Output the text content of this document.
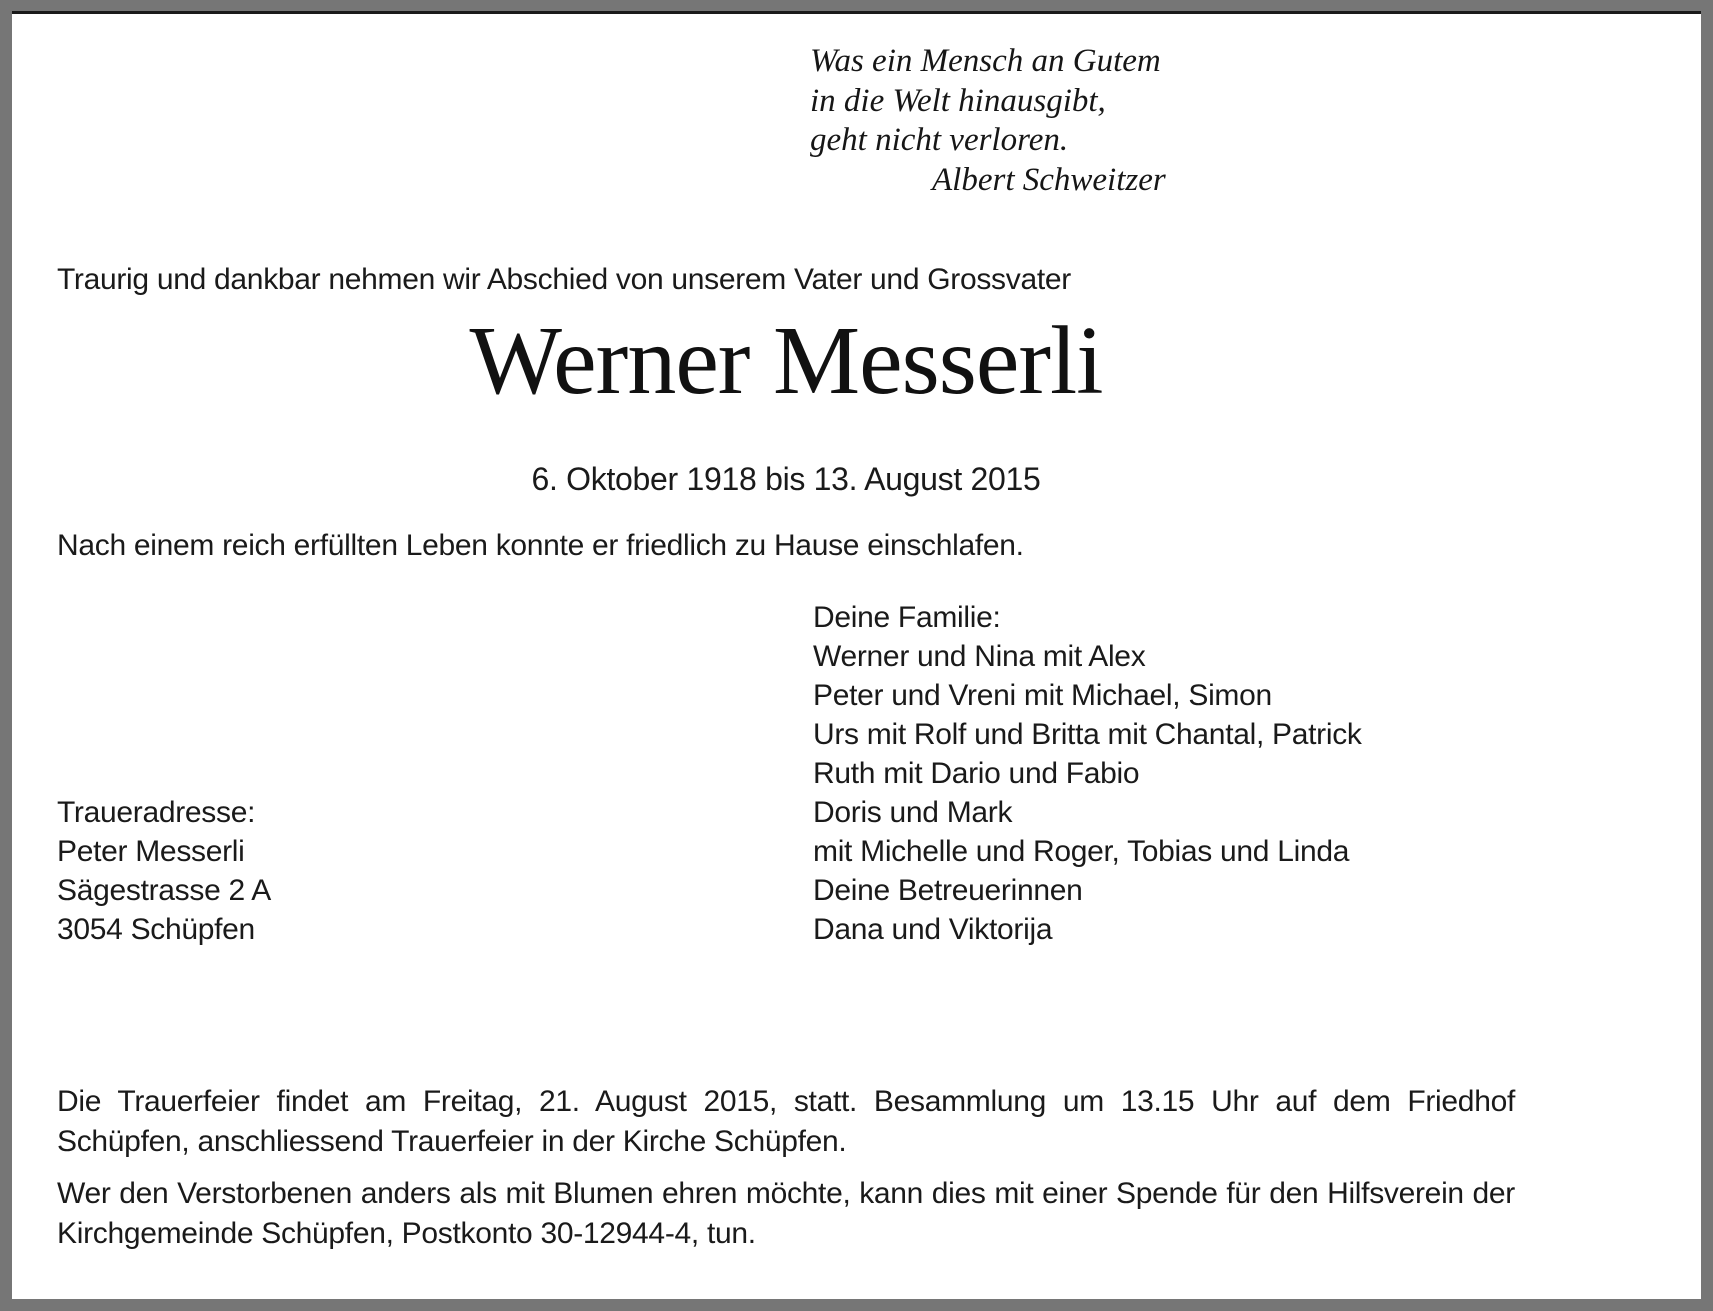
Was ein Mensch an Gutem
in die Welt hinausgibt,
geht nicht verloren.
Albert Schweitzer
Traurig und dankbar nehmen wir Abschied von unserem Vater und Grossvater
Werner Messerli
6. Oktober 1918 bis 13. August 2015
Nach einem reich erfüllten Leben konnte er friedlich zu Hause einschlafen.
Deine Familie:
Werner und Nina mit Alex
Peter und Vreni mit Michael, Simon
Urs mit Rolf und Britta mit Chantal, Patrick
Ruth mit Dario und Fabio
Doris und Mark
mit Michelle und Roger, Tobias und Linda
Deine Betreuerinnen
Dana und Viktorija
Traueradresse:
Peter Messerli
Sägestrasse 2 A
3054 Schüpfen
Die Trauerfeier findet am Freitag, 21. August 2015, statt. Besammlung um 13.15 Uhr auf dem Friedhof Schüpfen, anschliessend Trauerfeier in der Kirche Schüpfen.
Wer den Verstorbenen anders als mit Blumen ehren möchte, kann dies mit einer Spende für den Hilfsverein der Kirchgemeinde Schüpfen, Postkonto 30-12944-4, tun.
